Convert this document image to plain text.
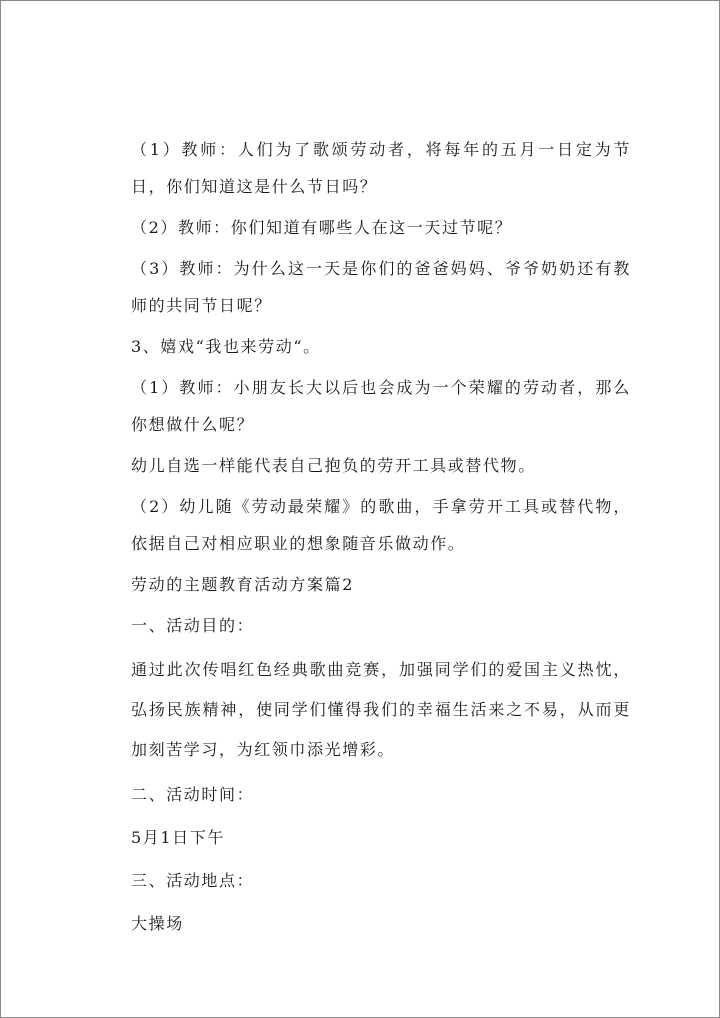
（1）教师：人们为了歌颂劳动者，将每年的五月一日定为节日，你们知道这是什么节日吗？

（2）教师：你们知道有哪些人在这一天过节呢？

（3）教师：为什么这一天是你们的爸爸妈妈、爷爷奶奶还有教师的共同节日呢？

3、嬉戏“我也来劳动“。

（1）教师：小朋友长大以后也会成为一个荣耀的劳动者，那么你想做什么呢？

幼儿自选一样能代表自己抱负的劳开工具或替代物。

（2）幼儿随《劳动最荣耀》的歌曲，手拿劳开工具或替代物，依据自己对相应职业的想象随音乐做动作。

劳动的主题教育活动方案篇2

一、活动目的：

通过此次传唱红色经典歌曲竞赛，加强同学们的爱国主义热忱，弘扬民族精神，使同学们懂得我们的幸福生活来之不易，从而更加刻苦学习，为红领巾添光增彩。

二、活动时间：

5月1日下午

三、活动地点：

大操场
